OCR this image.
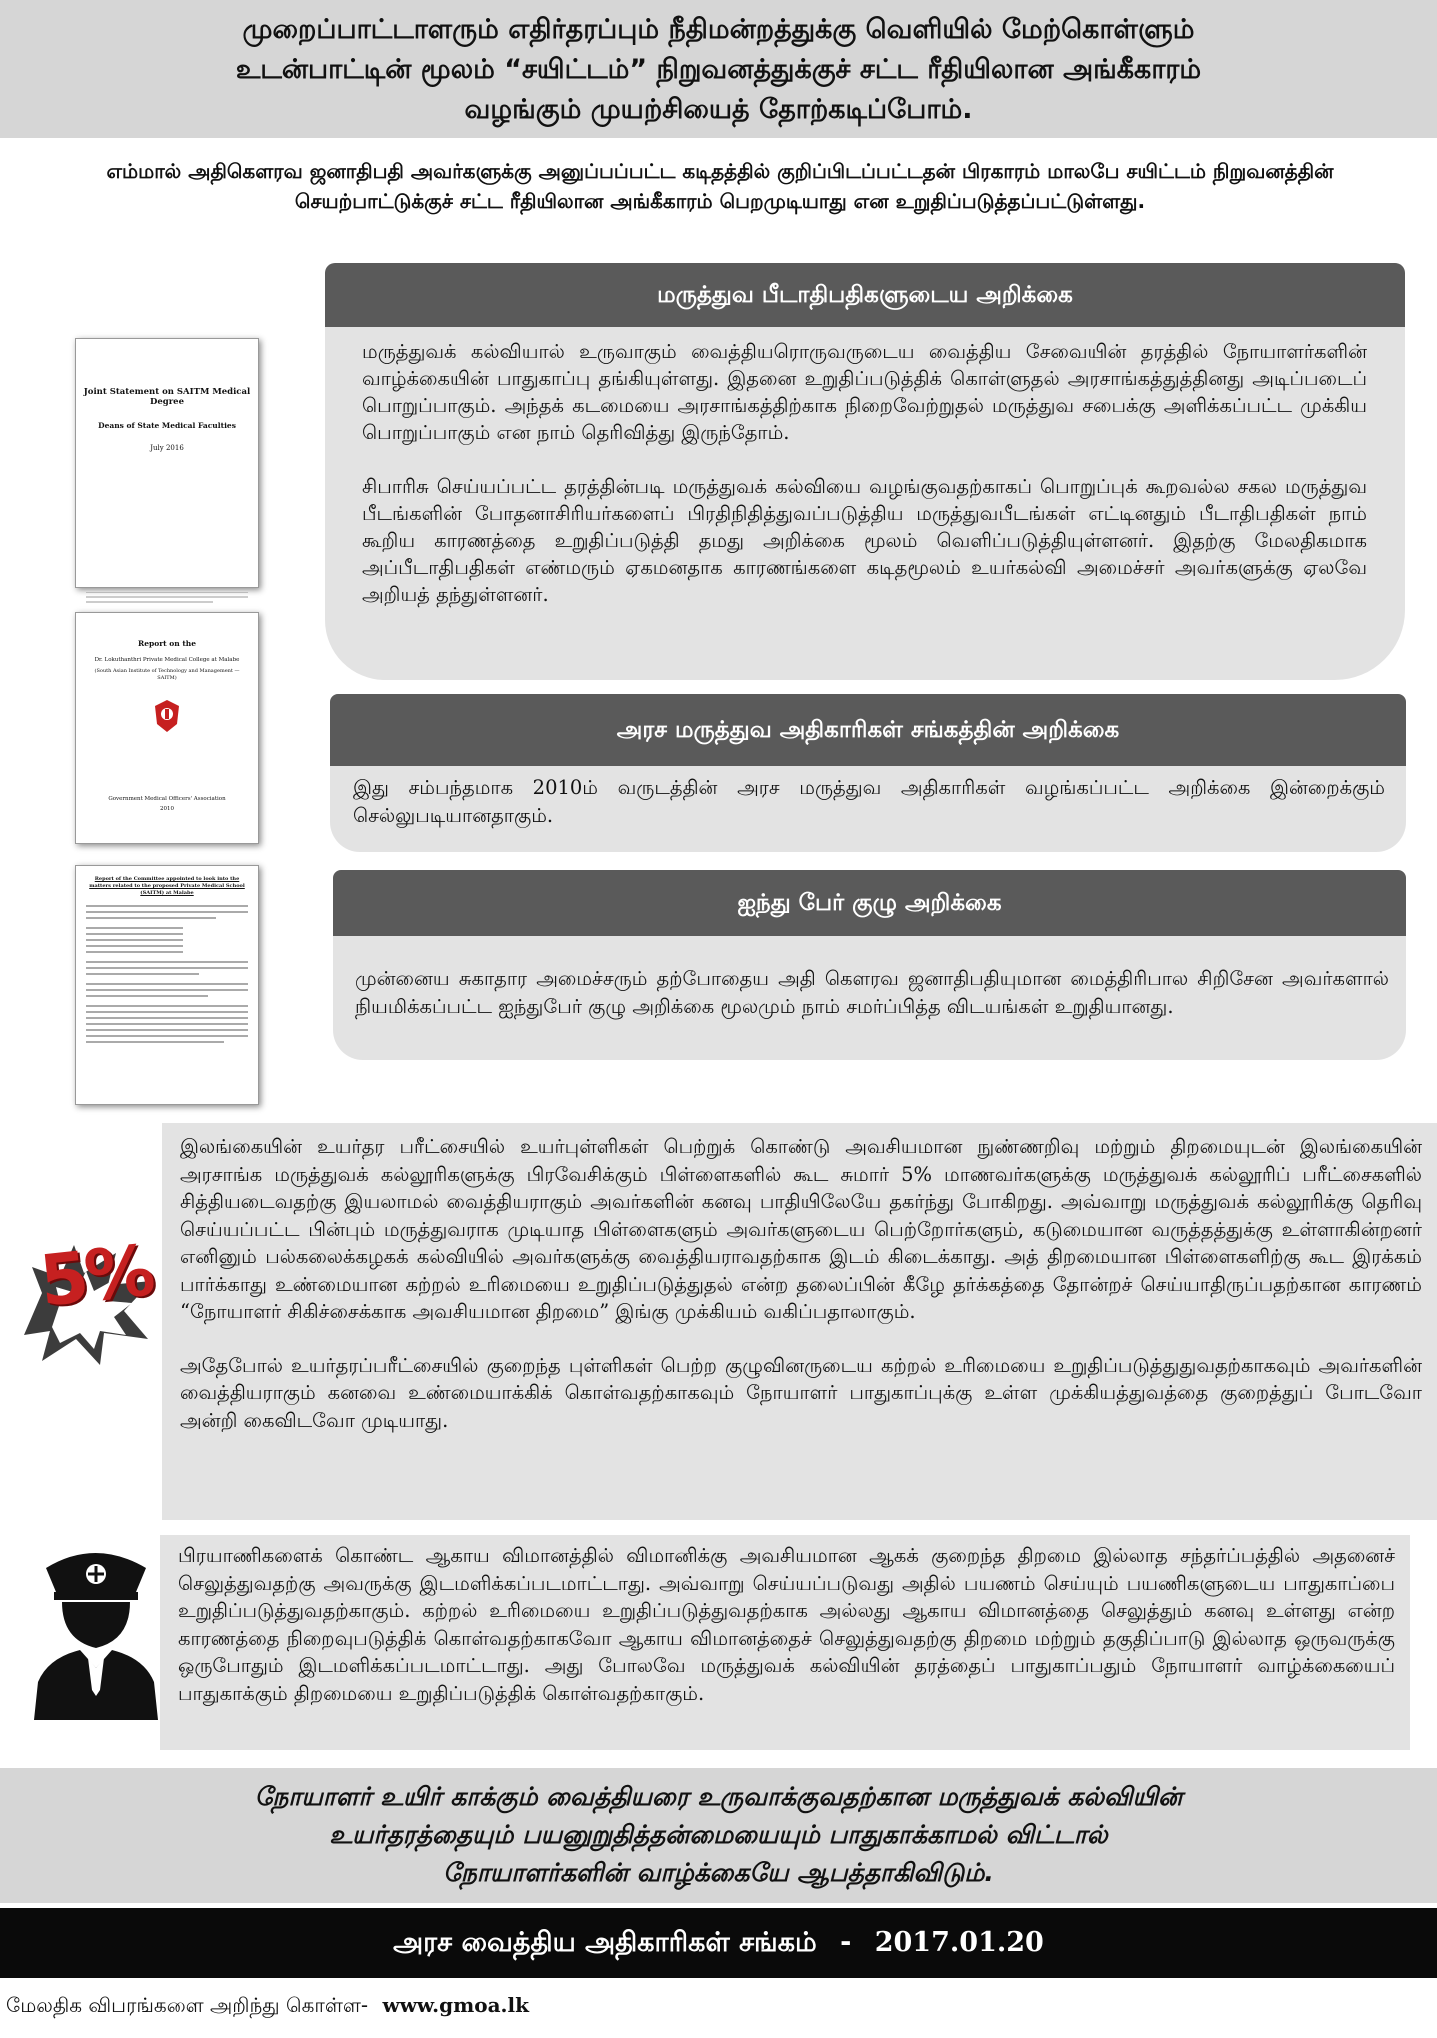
முறைப்பாட்டாளரும் எதிர்தரப்பும் நீதிமன்றத்துக்கு வெளியில் மேற்கொள்ளும்
உடன்பாட்டின் மூலம் “சயிட்டம்” நிறுவனத்துக்குச் சட்ட ரீதியிலான அங்கீகாரம்
வழங்கும் முயற்சியைத் தோற்கடிப்போம்.
எம்மால் அதிகௌரவ ஜனாதிபதி அவர்களுக்கு அனுப்பப்பட்ட கடிதத்தில் குறிப்பிடப்பட்டதன் பிரகாரம் மாலபே சயிட்டம் நிறுவனத்தின் செயற்பாட்டுக்குச் சட்ட ரீதியிலான அங்கீகாரம் பெறமுடியாது என உறுதிப்படுத்தப்பட்டுள்ளது.
Joint Statement on SAITM Medical Degree
Deans of State Medical Faculties
July 2016
Report on the
Dr. Lokuthanthri Private Medical College at Malabe
(South Asian Institute of Technology and Management — SAITM)
Government Medical Officers' Association
2010
Report of the Committee appointed to look into the matters related to the proposed Private Medical School (SAITM) at Malabe
மருத்துவ பீடாதிபதிகளுடைய அறிக்கை

மருத்துவக் கல்வியால் உருவாகும் வைத்தியரொருவருடைய வைத்திய சேவையின் தரத்தில் நோயாளர்களின் வாழ்க்கையின் பாதுகாப்பு தங்கியுள்ளது. இதனை உறுதிப்படுத்திக் கொள்ளுதல் அரசாங்கத்துத்தினது அடிப்படைப் பொறுப்பாகும். அந்தக் கடமையை அரசாங்கத்திற்காக நிறைவேற்றுதல் மருத்துவ சபைக்கு அளிக்கப்பட்ட முக்கிய பொறுப்பாகும் என நாம் தெரிவித்து இருந்தோம்.

சிபாரிசு செய்யப்பட்ட தரத்தின்படி மருத்துவக் கல்வியை வழங்குவதற்காகப் பொறுப்புக் கூறவல்ல சகல மருத்துவ பீடங்களின் போதனாசிரியர்களைப் பிரதிநிதித்துவப்படுத்திய மருத்துவபீடங்கள் எட்டினதும் பீடாதிபதிகள் நாம் கூறிய காரணத்தை உறுதிப்படுத்தி தமது அறிக்கை மூலம் வெளிப்படுத்தியுள்ளனர். இதற்கு மேலதிகமாக அப்பீடாதிபதிகள் எண்மரும் ஏகமனதாக காரணங்களை கடிதமூலம் உயர்கல்வி அமைச்சர் அவர்களுக்கு ஏலவே அறியத் தந்துள்ளனர்.

அரச மருத்துவ அதிகாரிகள் சங்கத்தின் அறிக்கை
இது சம்பந்தமாக 2010ம் வருடத்தின் அரச மருத்துவ அதிகாரிகள் வழங்கப்பட்ட அறிக்கை இன்றைக்கும் செல்லுபடியானதாகும்.
ஐந்து பேர் குழு அறிக்கை
முன்னைய சுகாதார அமைச்சரும் தற்போதைய அதி கௌரவ ஜனாதிபதியுமான மைத்திரிபால சிறிசேன அவர்களால் நியமிக்கப்பட்ட ஐந்துபேர் குழு அறிக்கை மூலமும் நாம் சமர்ப்பித்த விடயங்கள் உறுதியானது.

இலங்கையின் உயர்தர பரீட்சையில் உயர்புள்ளிகள் பெற்றுக் கொண்டு அவசியமான நுண்ணறிவு மற்றும் திறமையுடன் இலங்கையின் அரசாங்க மருத்துவக் கல்லூரிகளுக்கு பிரவேசிக்கும் பிள்ளைகளில் கூட சுமார் 5% மாணவர்களுக்கு மருத்துவக் கல்லூரிப் பரீட்சைகளில் சித்தியடைவதற்கு இயலாமல் வைத்தியராகும் அவர்களின் கனவு பாதியிலேயே தகர்ந்து போகிறது. அவ்வாறு மருத்துவக் கல்லூரிக்கு தெரிவு செய்யப்பட்ட பின்பும் மருத்துவராக முடியாத பிள்ளைகளும் அவர்களுடைய பெற்றோர்களும், கடுமையான வருத்தத்துக்கு உள்ளாகின்றனர் எனினும் பல்கலைக்கழகக் கல்வியில் அவர்களுக்கு வைத்தியராவதற்காக இடம் கிடைக்காது. அத் திறமையான பிள்ளைகளிற்கு கூட இரக்கம் பார்க்காது உண்மையான கற்றல் உரிமையை உறுதிப்படுத்துதல் என்ற தலைப்பின் கீழே தர்க்கத்தை தோன்றச் செய்யாதிருப்பதற்கான காரணம் “நோயாளர் சிகிச்சைக்காக அவசியமான திறமை” இங்கு முக்கியம் வகிப்பதாலாகும்.

அதேபோல் உயர்தரப்பரீட்சையில் குறைந்த புள்ளிகள் பெற்ற குழுவினருடைய கற்றல் உரிமையை உறுதிப்படுத்துதுவதற்காகவும் அவர்களின் வைத்தியராகும் கனவை உண்மையாக்கிக் கொள்வதற்காகவும் நோயாளர் பாதுகாப்புக்கு உள்ள முக்கியத்துவத்தை குறைத்துப் போடவோ அன்றி கைவிடவோ முடியாது.

5%

பிரயாணிகளைக் கொண்ட ஆகாய விமானத்தில் விமானிக்கு அவசியமான ஆகக் குறைந்த திறமை இல்லாத சந்தர்ப்பத்தில் அதனைச் செலுத்துவதற்கு அவருக்கு இடமளிக்கப்படமாட்டாது. அவ்வாறு செய்யப்படுவது அதில் பயணம் செய்யும் பயணிகளுடைய பாதுகாப்பை உறுதிப்படுத்துவதற்காகும். கற்றல் உரிமையை உறுதிப்படுத்துவதற்காக அல்லது ஆகாய விமானத்தை செலுத்தும் கனவு உள்ளது என்ற காரணத்தை நிறைவுபடுத்திக் கொள்வதற்காகவோ ஆகாய விமானத்தைச் செலுத்துவதற்கு திறமை மற்றும் தகுதிப்பாடு இல்லாத ஒருவருக்கு ஒருபோதும் இடமளிக்கப்படமாட்டாது. அது போலவே மருத்துவக் கல்வியின் தரத்தைப் பாதுகாப்பதும் நோயாளர் வாழ்க்கையைப் பாதுகாக்கும் திறமையை உறுதிப்படுத்திக் கொள்வதற்காகும்.

நோயாளர் உயிர் காக்கும் வைத்தியரை உருவாக்குவதற்கான மருத்துவக் கல்வியின்
உயர்தரத்தையும் பயனுறுதித்தன்மையையும் பாதுகாக்காமல் விட்டால்
நோயாளர்களின் வாழ்க்கையே ஆபத்தாகிவிடும்.
அரச வைத்திய அதிகாரிகள் சங்கம் - 2017.01.20
மேலதிக விபரங்களை அறிந்து கொள்ள- www.gmoa.lk
